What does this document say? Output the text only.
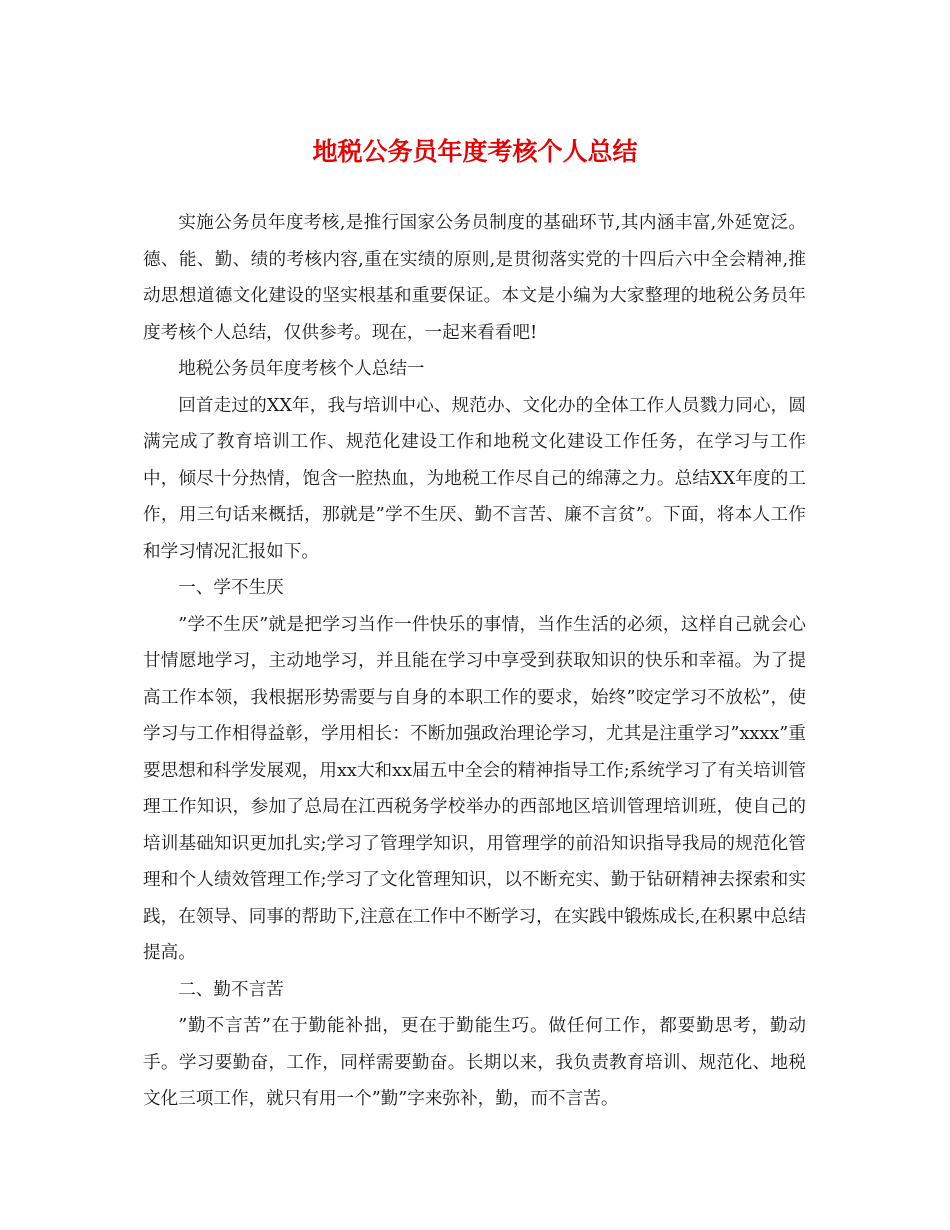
地税公务员年度考核个人总结

实施公务员年度考核,是推行国家公务员制度的基础环节,其内涵丰富,外延宽泛。德、能、勤、绩的考核内容,重在实绩的原则,是贯彻落实党的十四后六中全会精神,推动思想道德文化建设的坚实根基和重要保证。本文是小编为大家整理的地税公务员年度考核个人总结，仅供参考。现在，一起来看看吧!

地税公务员年度考核个人总结一

回首走过的XX年，我与培训中心、规范办、文化办的全体工作人员戮力同心，圆满完成了教育培训工作、规范化建设工作和地税文化建设工作任务，在学习与工作中，倾尽十分热情，饱含一腔热血，为地税工作尽自己的绵薄之力。总结XX年度的工作，用三句话来概括，那就是”学不生厌、勤不言苦、廉不言贫”。下面，将本人工作和学习情况汇报如下。

一、学不生厌

”学不生厌”就是把学习当作一件快乐的事情，当作生活的必须，这样自己就会心甘情愿地学习，主动地学习，并且能在学习中享受到获取知识的快乐和幸福。为了提高工作本领，我根据形势需要与自身的本职工作的要求，始终”咬定学习不放松”，使学习与工作相得益彰，学用相长：不断加强政治理论学习，尤其是注重学习”xxxx”重要思想和科学发展观，用xx大和xx届五中全会的精神指导工作;系统学习了有关培训管理工作知识，参加了总局在江西税务学校举办的西部地区培训管理培训班，使自己的培训基础知识更加扎实;学习了管理学知识，用管理学的前沿知识指导我局的规范化管理和个人绩效管理工作;学习了文化管理知识，以不断充实、勤于钻研精神去探索和实践，在领导、同事的帮助下,注意在工作中不断学习，在实践中锻炼成长,在积累中总结提高。

二、勤不言苦

”勤不言苦”在于勤能补拙，更在于勤能生巧。做任何工作，都要勤思考，勤动手。学习要勤奋，工作，同样需要勤奋。长期以来，我负责教育培训、规范化、地税文化三项工作，就只有用一个”勤”字来弥补，勤，而不言苦。
